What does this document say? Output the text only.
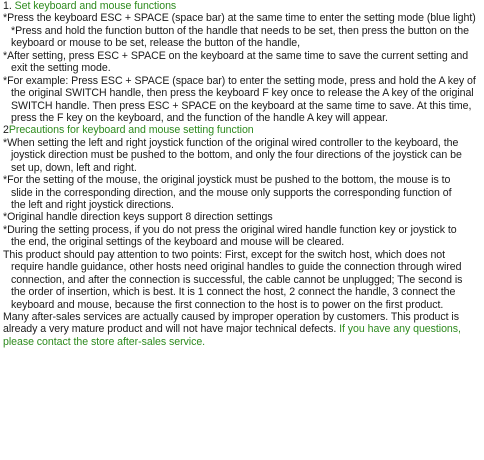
1. Set keyboard and mouse functions
*Press the keyboard ESC + SPACE (space bar) at the same time to enter the setting mode (blue light)
*Press and hold the function button of the handle that needs to be set, then press the button on the
keyboard or mouse to be set, release the button of the handle,
*After setting, press ESC + SPACE on the keyboard at the same time to save the current setting and
exit the setting mode.
*For example: Press ESC + SPACE (space bar) to enter the setting mode, press and hold the A key of
the original SWITCH handle, then press the keyboard F key once to release the A key of the original
SWITCH handle. Then press ESC + SPACE on the keyboard at the same time to save. At this time,
press the F key on the keyboard, and the function of the handle A key will appear.
2Precautions for keyboard and mouse setting function
*When setting the left and right joystick function of the original wired controller to the keyboard, the
joystick direction must be pushed to the bottom, and only the four directions of the joystick can be
set up, down, left and right.
*For the setting of the mouse, the original joystick must be pushed to the bottom, the mouse is to
slide in the corresponding direction, and the mouse only supports the corresponding function of
the left and right joystick directions.
*Original handle direction keys support 8 direction settings
*During the setting process, if you do not press the original wired handle function key or joystick to
the end, the original settings of the keyboard and mouse will be cleared.
This product should pay attention to two points: First, except for the switch host, which does not
require handle guidance, other hosts need original handles to guide the connection through wired
connection, and after the connection is successful, the cable cannot be unplugged; The second is
the order of insertion, which is best. It is 1 connect the host, 2 connect the handle, 3 connect the
keyboard and mouse, because the first connection to the host is to power on the first product.
Many after-sales services are actually caused by improper operation by customers. This product is
already a very mature product and will not have major technical defects. If you have any questions,
please contact the store after-sales service.
